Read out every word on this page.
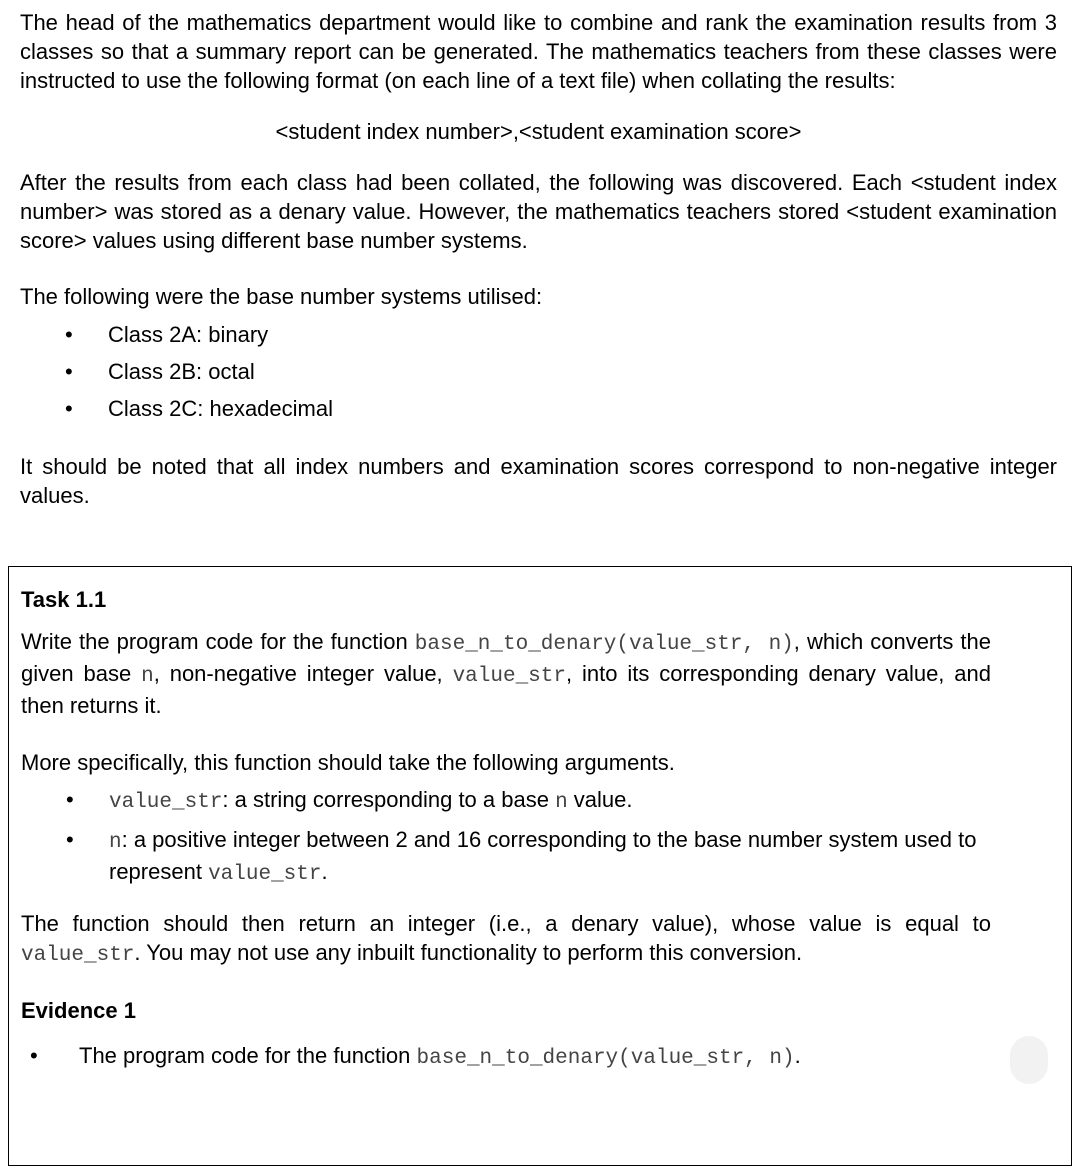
The head of the mathematics department would like to combine and rank the examination results from 3 classes so that a summary report can be generated. The mathematics teachers from these classes were instructed to use the following format (on each line of a text file) when collating the results:

<student index number>,<student examination score>

After the results from each class had been collated, the following was discovered. Each <student index number> was stored as a denary value. However, the mathematics teachers stored <student examination score> values using different base number systems.

The following were the base number systems utilised:

• Class 2A: binary
• Class 2B: octal
• Class 2C: hexadecimal

It should be noted that all index numbers and examination scores correspond to non-negative integer values.

Task 1.1

Write the program code for the function base_n_to_denary(value_str, n), which converts the given base n, non-negative integer value, value_str, into its corresponding denary value, and then returns it.

More specifically, this function should take the following arguments.

• value_str: a string corresponding to a base n value.
• n: a positive integer between 2 and 16 corresponding to the base number system used to represent value_str.

The function should then return an integer (i.e., a denary value), whose value is equal to value_str. You may not use any inbuilt functionality to perform this conversion.

Evidence 1

• The program code for the function base_n_to_denary(value_str, n).
